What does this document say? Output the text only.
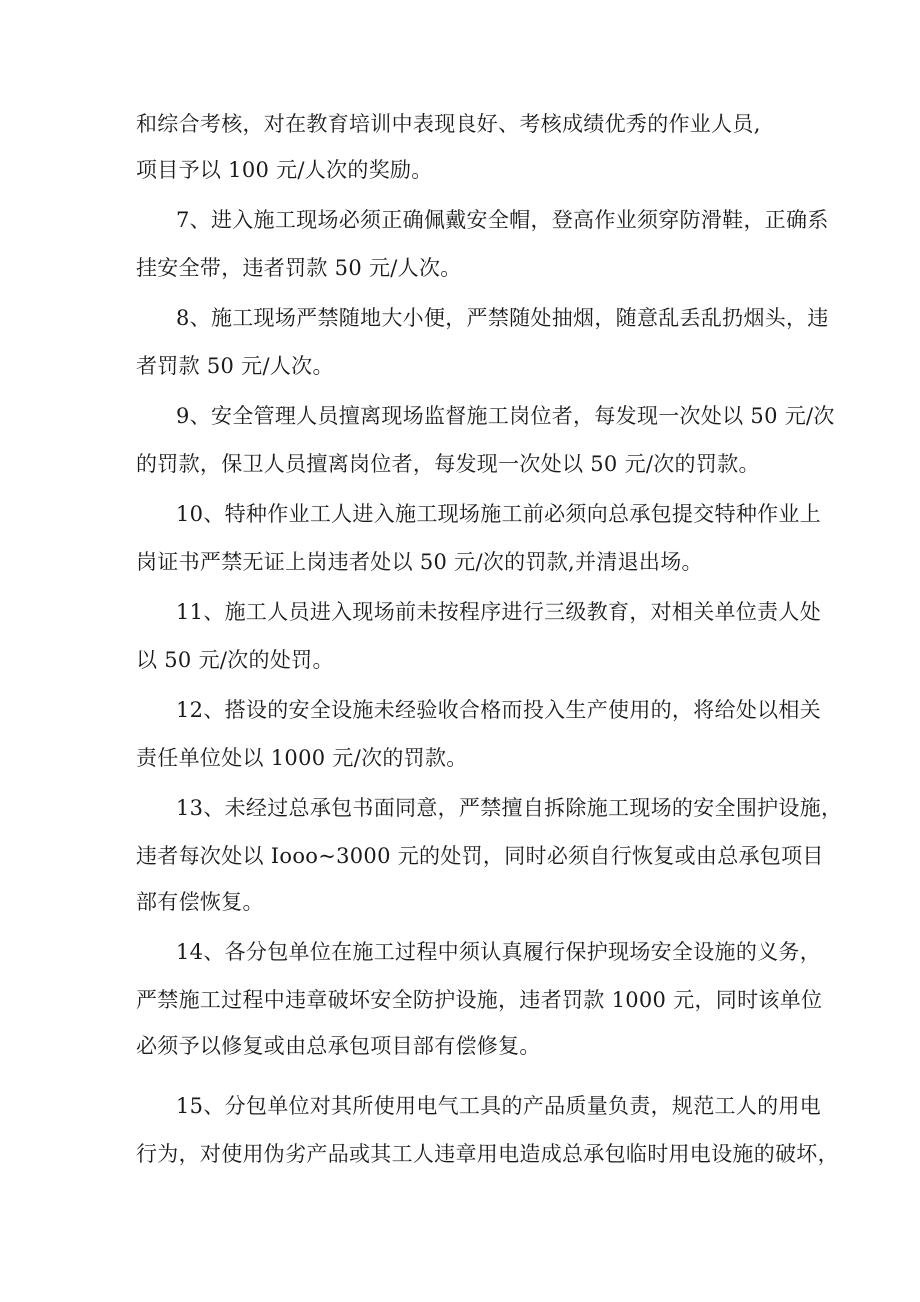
和综合考核，对在教育培训中表现良好、考核成绩优秀的作业人员,
项目予以 100 元/人次的奖励。
7、进入施工现场必须正确佩戴安全帽，登高作业须穿防滑鞋，正确系
挂安全带，违者罚款 50 元/人次。
8、施工现场严禁随地大小便，严禁随处抽烟，随意乱丢乱扔烟头，违
者罚款 50 元/人次。
9、安全管理人员擅离现场监督施工岗位者，每发现一次处以 50 元/次
的罚款，保卫人员擅离岗位者，每发现一次处以 50 元/次的罚款。
10、特种作业工人进入施工现场施工前必须向总承包提交特种作业上
岗证书严禁无证上岗违者处以 50 元/次的罚款,并清退出场。
11、施工人员进入现场前未按程序进行三级教育，对相关单位责人处
以 50 元/次的处罚。
12、搭设的安全设施未经验收合格而投入生产使用的，将给处以相关
责任单位处以 1000 元/次的罚款。
13、未经过总承包书面同意，严禁擅自拆除施工现场的安全围护设施，
违者每次处以 Iooo~3000 元的处罚，同时必须自行恢复或由总承包项目
部有偿恢复。
14、各分包单位在施工过程中须认真履行保护现场安全设施的义务，
严禁施工过程中违章破坏安全防护设施，违者罚款 1000 元，同时该单位
必须予以修复或由总承包项目部有偿修复。
15、分包单位对其所使用电气工具的产品质量负责，规范工人的用电
行为，对使用伪劣产品或其工人违章用电造成总承包临时用电设施的破坏，
